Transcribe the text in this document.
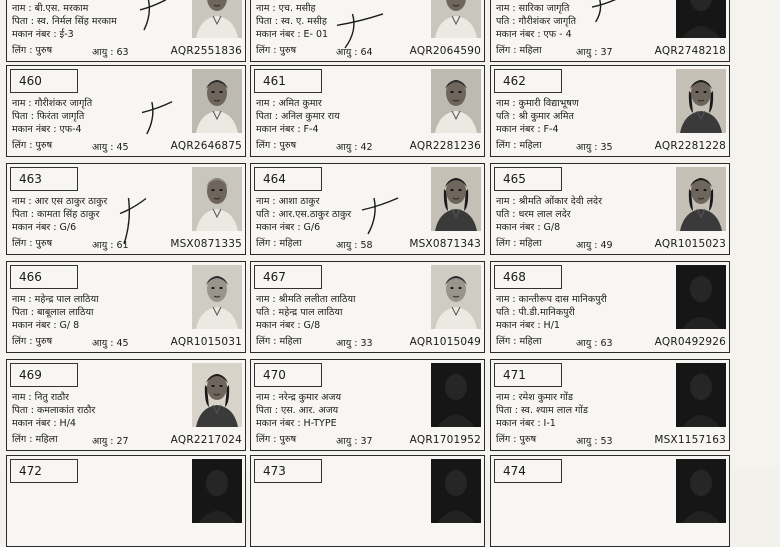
नाम : बी.एस. मरकाम
पिता : स्व. निर्मल सिंह मरकाम
मकान नंबर : ई-3
लिंग : पुरुष	आयु : 63	AQR2551836
नाम : एच. मसीह
पिता : स्व. ए. मसीह
मकान नंबर : E- 01
लिंग : पुरुष	आयु : 64	AQR2064590
नाम : सारिका जागृति
पति : गौरीशंकर जागृति
मकान नंबर : एफ - 4
लिंग : महिला	आयु : 37	AQR2748218
460
नाम : गौरीशंकर जागृति
पिता : फिरंता जागृति
मकान नंबर : एफ-4
लिंग : पुरुष	आयु : 45	AQR2646875
461
नाम : अमित कुमार
पिता : अनिल कुमार राय
मकान नंबर : F-4
लिंग : पुरुष	आयु : 42	AQR2281236
462
नाम : कुमारी विद्याभूषण
पति : श्री कुमार अमित
मकान नंबर : F-4
लिंग : महिला	आयु : 35	AQR2281228
463
नाम : आर एस ठाकुर ठाकुर
पिता : कामता सिंह ठाकुर
मकान नंबर : G/6
लिंग : पुरुष	आयु : 61	MSX0871335
464
नाम : आशा ठाकुर
पति : आर.एस.ठाकुर ठाकुर
मकान नंबर : G/6
लिंग : महिला	आयु : 58	MSX0871343
465
नाम : श्रीमति ओंकार देवी लदेर
पति : धरम लाल लदेर
मकान नंबर : G/8
लिंग : महिला	आयु : 49	AQR1015023
466
नाम : महेन्द्र पाल लाठिया
पिता : बाबूलाल लाठिया
मकान नंबर : G/ 8
लिंग : पुरुष	आयु : 45	AQR1015031
467
नाम : श्रीमति ललीता लाठिया
पति : महेन्द्र पाल लाठिया
मकान नंबर : G/8
लिंग : महिला	आयु : 33	AQR1015049
468
नाम : कान्तीरूप दास मानिकपुरी
पति : पी.डी.मानिकपुरी
मकान नंबर : H/1
लिंग : महिला	आयु : 63	AQR0492926
469
नाम : नितु राठौर
पिता : कमलाकांत राठौर
मकान नंबर : H/4
लिंग : महिला	आयु : 27	AQR2217024
470
नाम : नरेन्द्र कुमार अजय
पिता : एस. आर. अजय
मकान नंबर : H-TYPE
लिंग : पुरुष	आयु : 37	AQR1701952
471
नाम : रमेश कुमार गोंड
पिता : स्व. श्याम लाल गोंड
मकान नंबर : I-1
लिंग : पुरुष	आयु : 53	MSX1157163
472	473	474
